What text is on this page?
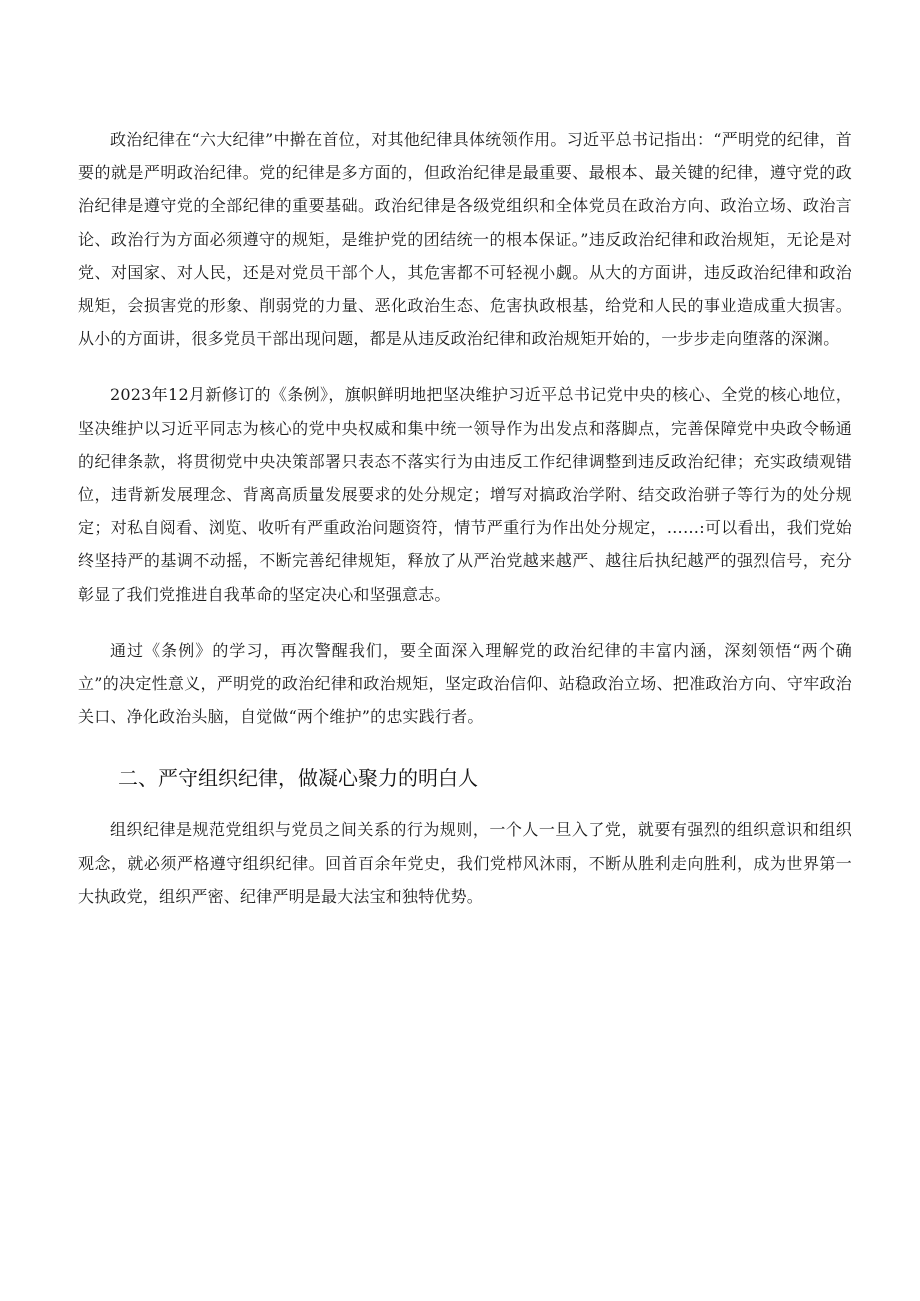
政治纪律在“六大纪律”中擀在首位，对其他纪律具体统领作用。习近平总书记指出：“严明党的纪律，首要的就是严明政治纪律。党的纪律是多方面的，但政治纪律是最重要、最根本、最关键的纪律，遵守党的政治纪律是遵守党的全部纪律的重要基础。政治纪律是各级党组织和全体党员在政治方向、政治立场、政治言论、政治行为方面必须遵守的规矩，是维护党的团结统一的根本保证。”违反政治纪律和政治规矩，无论是对党、对国家、对人民，还是对党员干部个人，其危害都不可轻视小觑。从大的方面讲，违反政治纪律和政治规矩，会损害党的形象、削弱党的力量、恶化政治生态、危害执政根基，给党和人民的事业造成重大损害。从小的方面讲，很多党员干部出现问题，都是从违反政治纪律和政治规矩开始的，一步步走向堕落的深渊。

2023年12月新修订的《条例》，旗帜鲜明地把坚决维护习近平总书记党中央的核心、全党的核心地位，坚决维护以习近平同志为核心的党中央权威和集中统一领导作为出发点和落脚点，完善保障党中央政令畅通的纪律条款，将贯彻党中央决策部署只表态不落实行为由违反工作纪律调整到违反政治纪律；充实政绩观错位，违背新发展理念、背离高质量发展要求的处分规定；增写对搞政治学附、结交政治骈子等行为的处分规定；对私自阅看、浏览、收听有严重政治问题资符，情节严重行为作出处分规定，……:可以看出，我们党始终坚持严的基调不动摇，不断完善纪律规矩，释放了从严治党越来越严、越往后执纪越严的强烈信号，充分彰显了我们党推进自我革命的坚定决心和坚强意志。

通过《条例》的学习，再次警醒我们，要全面深入理解党的政治纪律的丰富内涵，深刻领悟“两个确立”的决定性意义，严明党的政治纪律和政治规矩，坚定政治信仰、站稳政治立场、把准政治方向、守牢政治关口、净化政治头脑，自觉做“两个维护”的忠实践行者。

二、严守组织纪律，做凝心聚力的明白人

组织纪律是规范党组织与党员之间关系的行为规则，一个人一旦入了党，就要有强烈的组织意识和组织观念，就必须严格遵守组织纪律。回首百余年党史，我们党栉风沐雨，不断从胜利走向胜利，成为世界第一大执政党，组织严密、纪律严明是最大法宝和独特优势。
